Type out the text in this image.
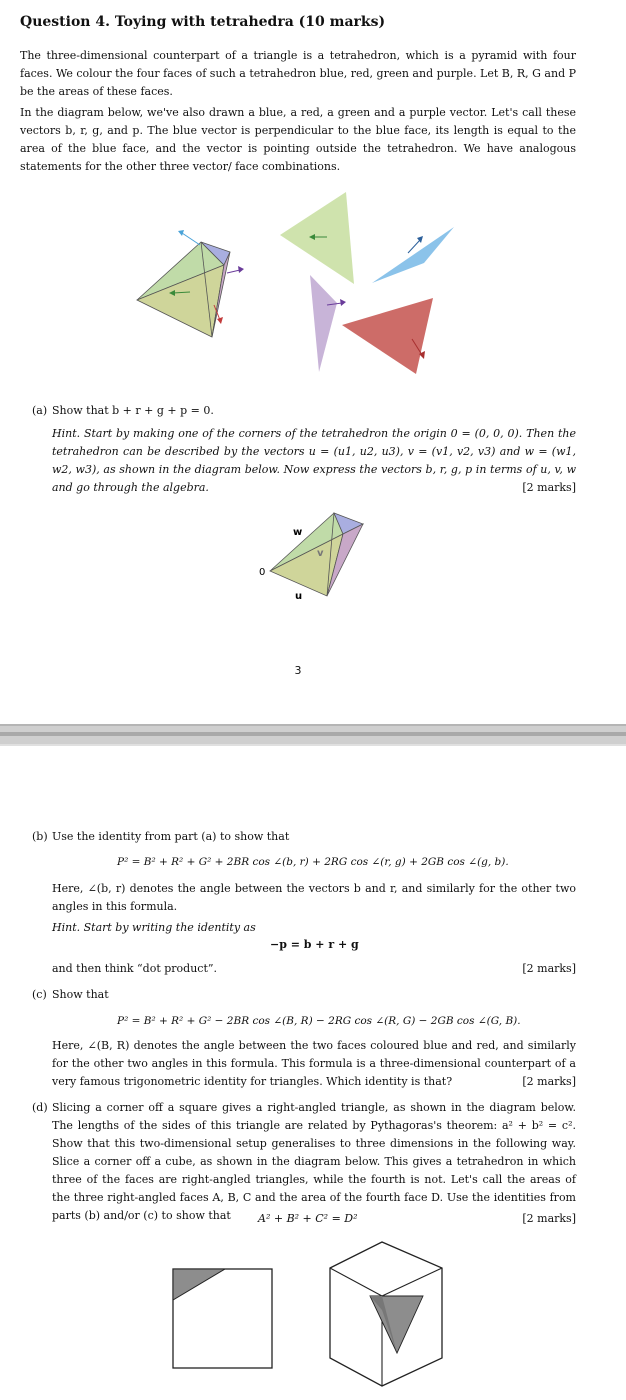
Question 4. Toying with tetrahedra (10 marks)
The three-dimensional counterpart of a triangle is a tetrahedron, which is a pyramid with four faces. We colour the four faces of such a tetrahedron blue, red, green and purple. Let B, R, G and P be the areas of these faces.
In the diagram below, we've also drawn a blue, a red, a green and a purple vector. Let's call these vectors b, r, g, and p. The blue vector is perpendicular to the blue face, its length is equal to the area of the blue face, and the vector is pointing outside the tetrahedron. We have analogous statements for the other three vector/ face combinations.
(a) Show that b + r + g + p = 0.
Hint. Start by making one of the corners of the tetrahedron the origin 0 = (0, 0, 0). Then the tetrahedron can be described by the vectors u = (u1, u2, u3), v = (v1, v2, v3) and w = (w1, w2, w3), as shown in the diagram below. Now express the vectors b, r, g, p in terms of u, v, w and go through the algebra.	[2 marks]
w
v
0
u
3
(b) Use the identity from part (a) to show that
P² = B² + R² + G² + 2BR cos ∠(b, r) + 2RG cos ∠(r, g) + 2GB cos ∠(g, b).
Here, ∠(b, r) denotes the angle between the vectors b and r, and similarly for the other two angles in this formula.
Hint. Start by writing the identity as
−p = b + r + g
and then think “dot product”.	[2 marks]
(c) Show that
P² = B² + R² + G² − 2BR cos ∠(B, R) − 2RG cos ∠(R, G) − 2GB cos ∠(G, B).
Here, ∠(B, R) denotes the angle between the two faces coloured blue and red, and similarly for the other two angles in this formula. This formula is a three-dimensional counterpart of a very famous trigonometric identity for triangles. Which identity is that?	[2 marks]
(d) Slicing a corner off a square gives a right-angled triangle, as shown in the diagram below. The lengths of the sides of this triangle are related by Pythagoras's theorem: a² + b² = c². Show that this two-dimensional setup generalises to three dimensions in the following way. Slice a corner off a cube, as shown in the diagram below. This gives a tetrahedron in which three of the faces are right-angled triangles, while the fourth is not. Let's call the areas of the three right-angled faces A, B, C and the area of the fourth face D. Use the identities from parts (b) and/or (c) to show that	A² + B² + C² = D²	[2 marks]
